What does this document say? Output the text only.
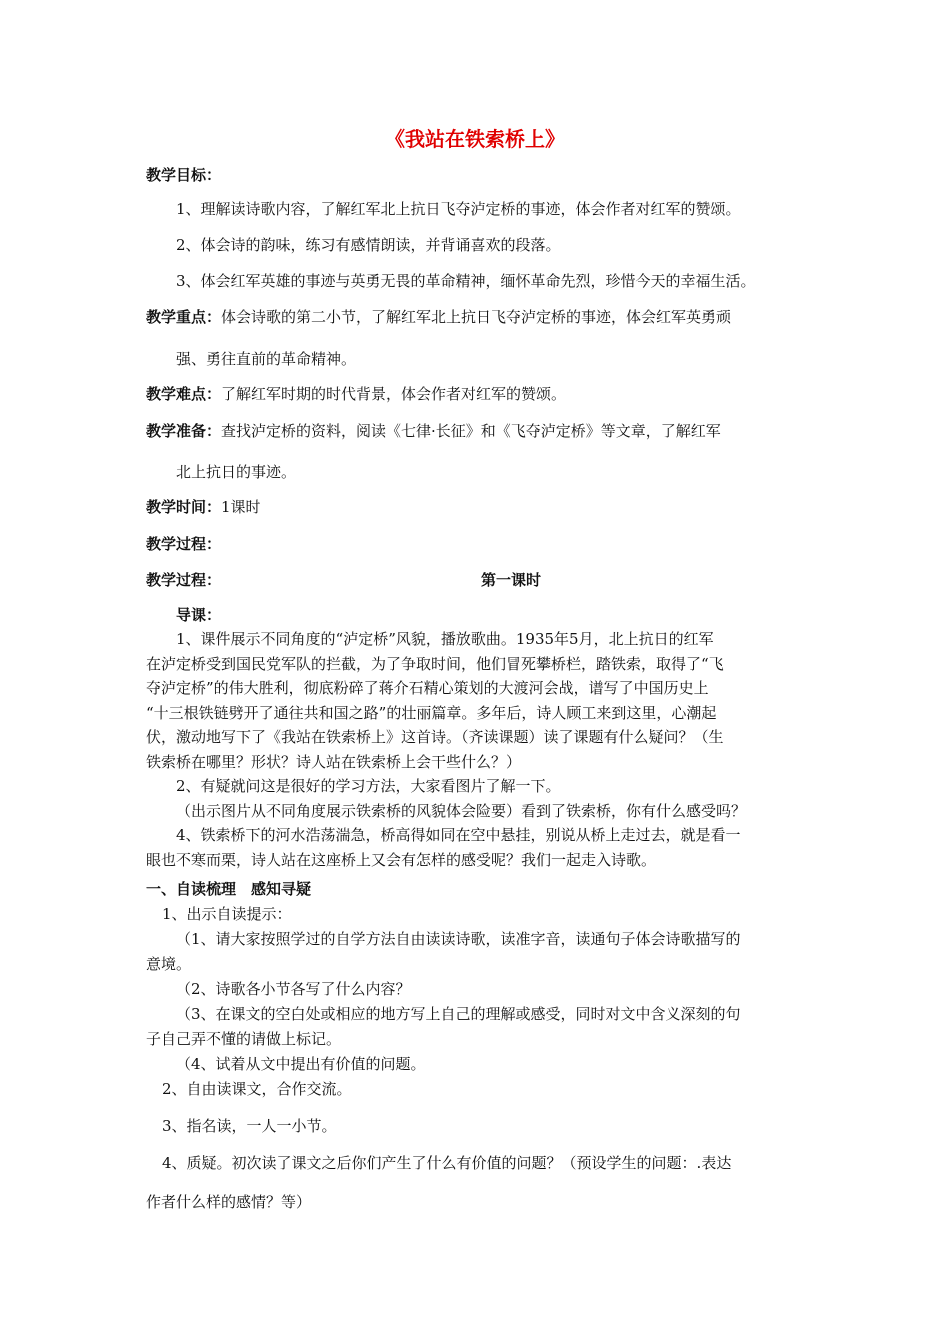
《我站在铁索桥上》
教学目标：
1、理解读诗歌内容，了解红军北上抗日飞夺泸定桥的事迹，体会作者对红军的赞颂。
2、体会诗的韵味，练习有感情朗读，并背诵喜欢的段落。
3、体会红军英雄的事迹与英勇无畏的革命精神，缅怀革命先烈，珍惜今天的幸福生活。
教学重点：体会诗歌的第二小节，了解红军北上抗日飞夺泸定桥的事迹，体会红军英勇顽
强、勇往直前的革命精神。
教学难点：了解红军时期的时代背景，体会作者对红军的赞颂。
教学准备：查找泸定桥的资料，阅读《七律·长征》和《飞夺泸定桥》等文章，了解红军
北上抗日的事迹。
教学时间：1课时
教学过程：
教学过程：	第一课时
导课：
1、课件展示不同角度的“泸定桥”风貌，播放歌曲。1935年5月，北上抗日的红军
在泸定桥受到国民党军队的拦截，为了争取时间，他们冒死攀桥栏，踏铁索，取得了“飞
夺泸定桥”的伟大胜利，彻底粉碎了蒋介石精心策划的大渡河会战，谱写了中国历史上
“十三根铁链劈开了通往共和国之路”的壮丽篇章。多年后，诗人顾工来到这里，心潮起
伏，激动地写下了《我站在铁索桥上》这首诗。（齐读课题）读了课题有什么疑问？（生
铁索桥在哪里？形状？诗人站在铁索桥上会干些什么？）
2、有疑就问这是很好的学习方法，大家看图片了解一下。
（出示图片从不同角度展示铁索桥的风貌体会险要）看到了铁索桥，你有什么感受吗？
4、铁索桥下的河水浩荡湍急，桥高得如同在空中悬挂，别说从桥上走过去，就是看一
眼也不寒而栗，诗人站在这座桥上又会有怎样的感受呢？我们一起走入诗歌。
一、自读梳理　感知寻疑
1、出示自读提示：
（1、请大家按照学过的自学方法自由读读诗歌，读准字音，读通句子体会诗歌描写的
意境。
（2、诗歌各小节各写了什么内容？
（3、在课文的空白处或相应的地方写上自己的理解或感受，同时对文中含义深刻的句
子自己弄不懂的请做上标记。
（4、试着从文中提出有价值的问题。
2、自由读课文，合作交流。
3、指名读，一人一小节。
4、质疑。初次读了课文之后你们产生了什么有价值的问题？（预设学生的问题：.表达
作者什么样的感情？等）
